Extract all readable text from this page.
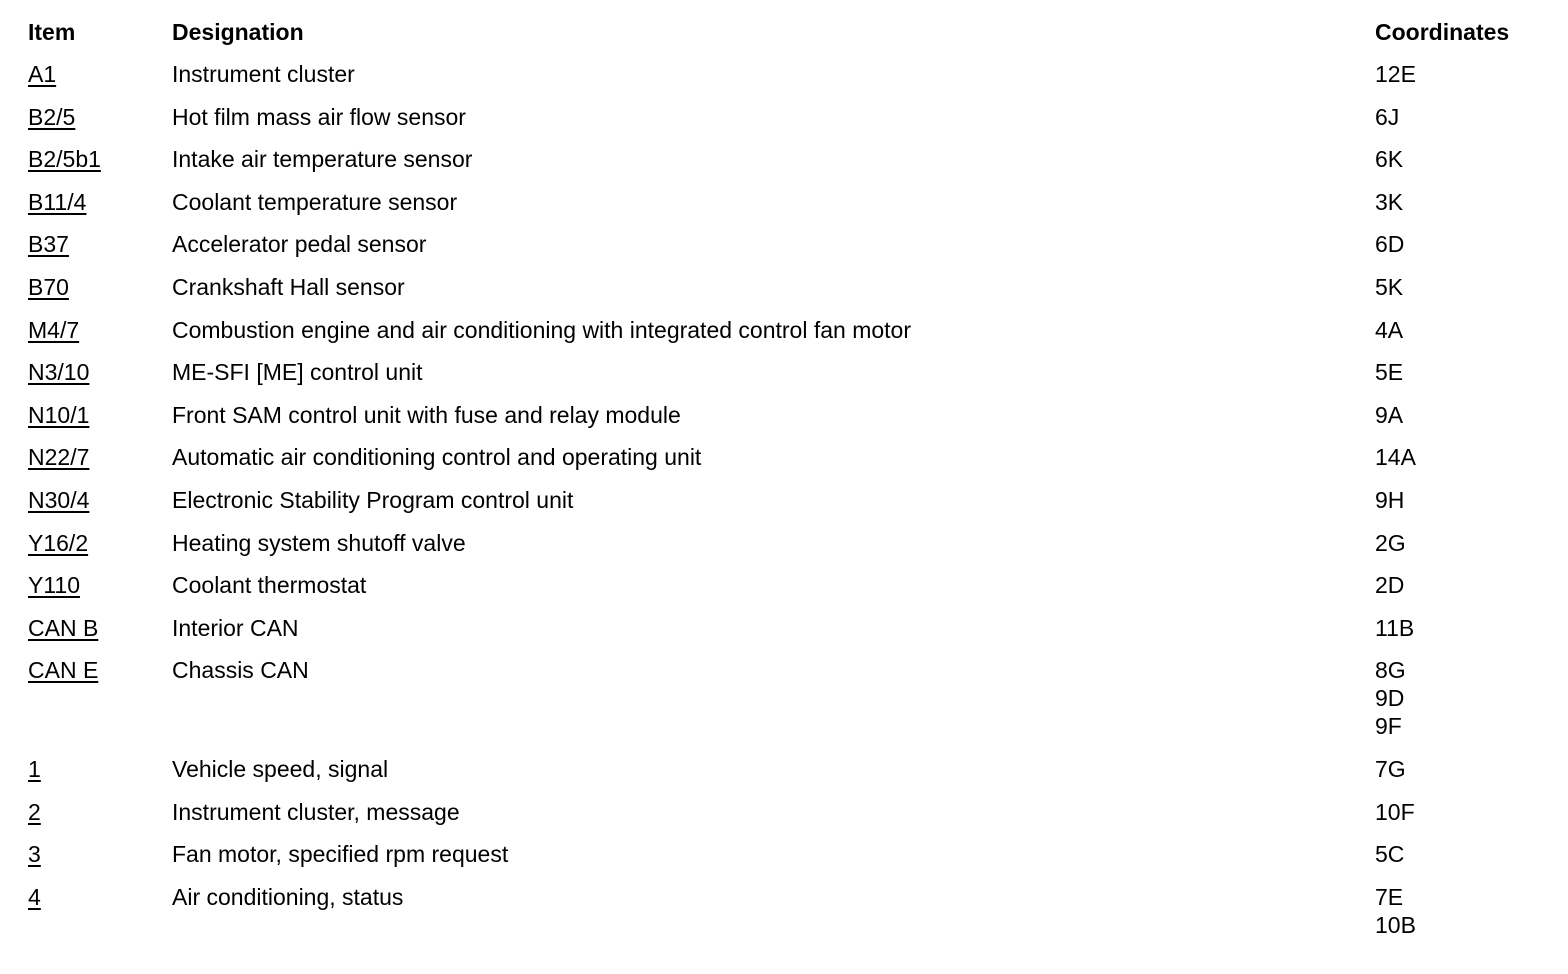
Item	Designation	Coordinates
A1	Instrument cluster	12E
B2/5	Hot film mass air flow sensor	6J
B2/5b1	Intake air temperature sensor	6K
B11/4	Coolant temperature sensor	3K
B37	Accelerator pedal sensor	6D
B70	Crankshaft Hall sensor	5K
M4/7	Combustion engine and air conditioning with integrated control fan motor	4A
N3/10	ME-SFI [ME] control unit	5E
N10/1	Front SAM control unit with fuse and relay module	9A
N22/7	Automatic air conditioning control and operating unit	14A
N30/4	Electronic Stability Program control unit	9H
Y16/2	Heating system shutoff valve	2G
Y110	Coolant thermostat	2D
CAN B	Interior CAN	11B
CAN E	Chassis CAN	8G
9D
9F
1	Vehicle speed, signal	7G
2	Instrument cluster, message	10F
3	Fan motor, specified rpm request	5C
4	Air conditioning, status	7E
10B
